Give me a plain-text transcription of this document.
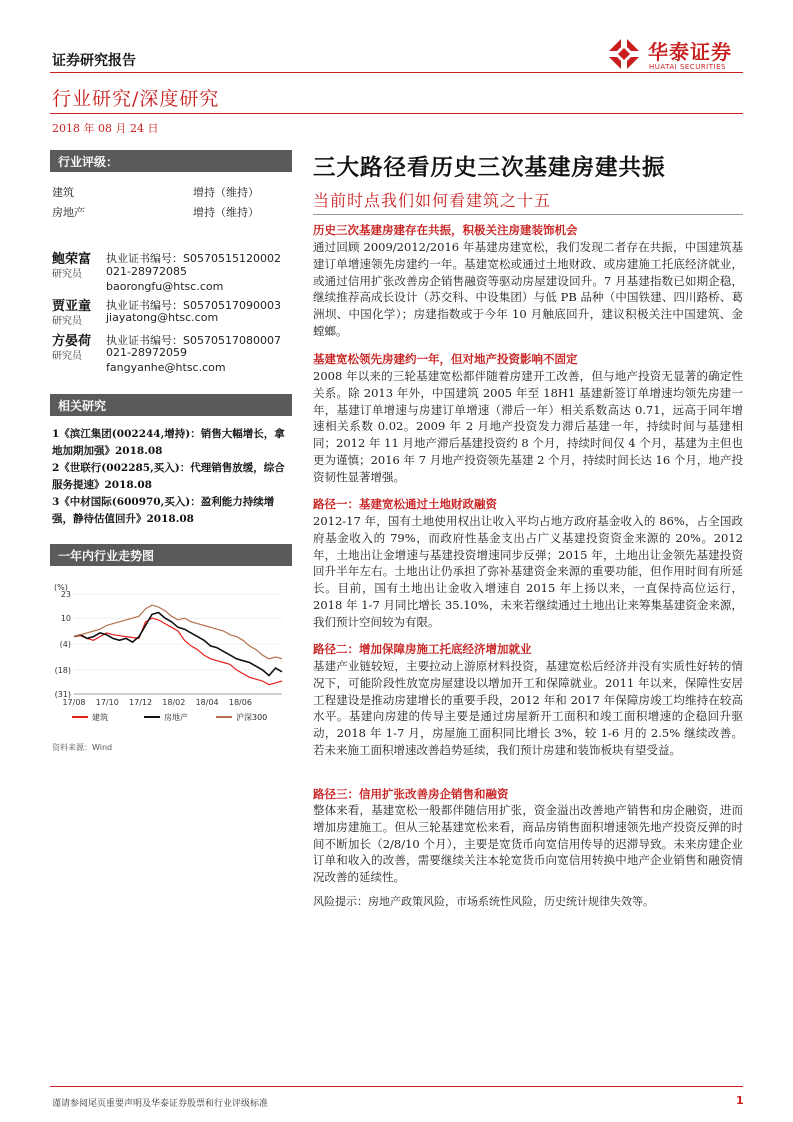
证券研究报告
行业研究/深度研究
2018 年 08 月 24 日
华泰证券
HUATAI SECURITIES
行业评级：
建筑	增持（维持）
房地产	增持（维持）
鲍荣富 执业证书编号：S0570515120002
研究员 021-28972085
baorongfu@htsc.com
贾亚童 执业证书编号：S0570517090003
研究员 jiayatong@htsc.com
方晏荷 执业证书编号：S0570517080007
研究员 021-28972059
fangyanhe@htsc.com
相关研究
1《滨江集团(002244,增持)：销售大幅增长，拿地加期加强》2018.08
2《世联行(002285,买入)：代理销售放缓，综合服务提速》2018.08
3《中材国际(600970,买入)：盈利能力持续增强，静待估值回升》2018.08
一年内行业走势图
(%)
23
10
(4)
(18)
(31)
17/08 17/10 17/12 18/02 18/04 18/06
建筑	房地产	沪深300
资料来源：Wind
三大路径看历史三次基建房建共振
当前时点我们如何看建筑之十五
历史三次基建房建存在共振，积极关注房建装饰机会
通过回顾 2009/2012/2016 年基建房建宽松，我们发现二者存在共振，中国建筑基建订单增速领先房建约一年。基建宽松或通过土地财政、或房建施工托底经济就业，或通过信用扩张改善房企销售融资等驱动房屋建设回升。7 月基建指数已如期企稳，继续推荐高成长设计（苏交科、中设集团）与低 PB 品种（中国铁建、四川路桥、葛洲坝、中国化学）；房建指数或于今年 10 月触底回升，建议积极关注中国建筑、金螳螂。
基建宽松领先房建约一年，但对地产投资影响不固定
2008 年以来的三轮基建宽松都伴随着房建开工改善，但与地产投资无显著的确定性关系。除 2013 年外，中国建筑 2005 年至 18H1 基建新签订单增速均领先房建一年，基建订单增速与房建订单增速（滞后一年）相关系数高达 0.71，远高于同年增速相关系数 0.02。2009 年 2 月地产投资发力滞后基建一年，持续时间与基建相同；2012 年 11 月地产滞后基建投资约 8 个月，持续时间仅 4 个月，基建为主但也更为谨慎；2016 年 7 月地产投资领先基建 2 个月，持续时间长达 16 个月，地产投资韧性显著增强。
路径一：基建宽松通过土地财政融资
2012-17 年，国有土地使用权出让收入平均占地方政府基金收入的 86%，占全国政府基金收入的 79%，而政府性基金支出占广义基建投资资金来源的 20%。2012 年，土地出让金增速与基建投资增速同步反弹；2015 年，土地出让金领先基建投资回升半年左右。土地出让仍承担了弥补基建资金来源的重要功能，但作用时间有所延长。目前，国有土地出让金收入增速自 2015 年上扬以来，一直保持高位运行，2018 年 1-7 月同比增长 35.10%，未来若继续通过土地出让来筹集基建资金来源，我们预计空间较为有限。
路径二：增加保障房施工托底经济增加就业
基建产业链较短，主要拉动上游原材料投资，基建宽松后经济并没有实质性好转的情况下，可能阶段性放宽房屋建设以增加开工和保障就业。2011 年以来，保障性安居工程建设是推动房建增长的重要手段，2012 年和 2017 年保障房竣工均维持在较高水平。基建向房建的传导主要是通过房屋新开工面积和竣工面积增速的企稳回升驱动，2018 年 1-7 月，房屋施工面积同比增长 3%，较 1-6 月的 2.5% 继续改善。若未来施工面积增速改善趋势延续，我们预计房建和装饰板块有望受益。
路径三：信用扩张改善房企销售和融资
整体来看，基建宽松一般都伴随信用扩张，资金溢出改善地产销售和房企融资，进而增加房建施工。但从三轮基建宽松来看，商品房销售面积增速领先地产投资反弹的时间不断加长（2/8/10 个月），主要是宽货币向宽信用传导的迟滞导致。未来房建企业订单和收入的改善，需要继续关注本轮宽货币向宽信用转换中地产企业销售和融资情况改善的延续性。
风险提示：房地产政策风险，市场系统性风险，历史统计规律失效等。
谨请参阅尾页重要声明及华泰证券股票和行业评级标准	1
